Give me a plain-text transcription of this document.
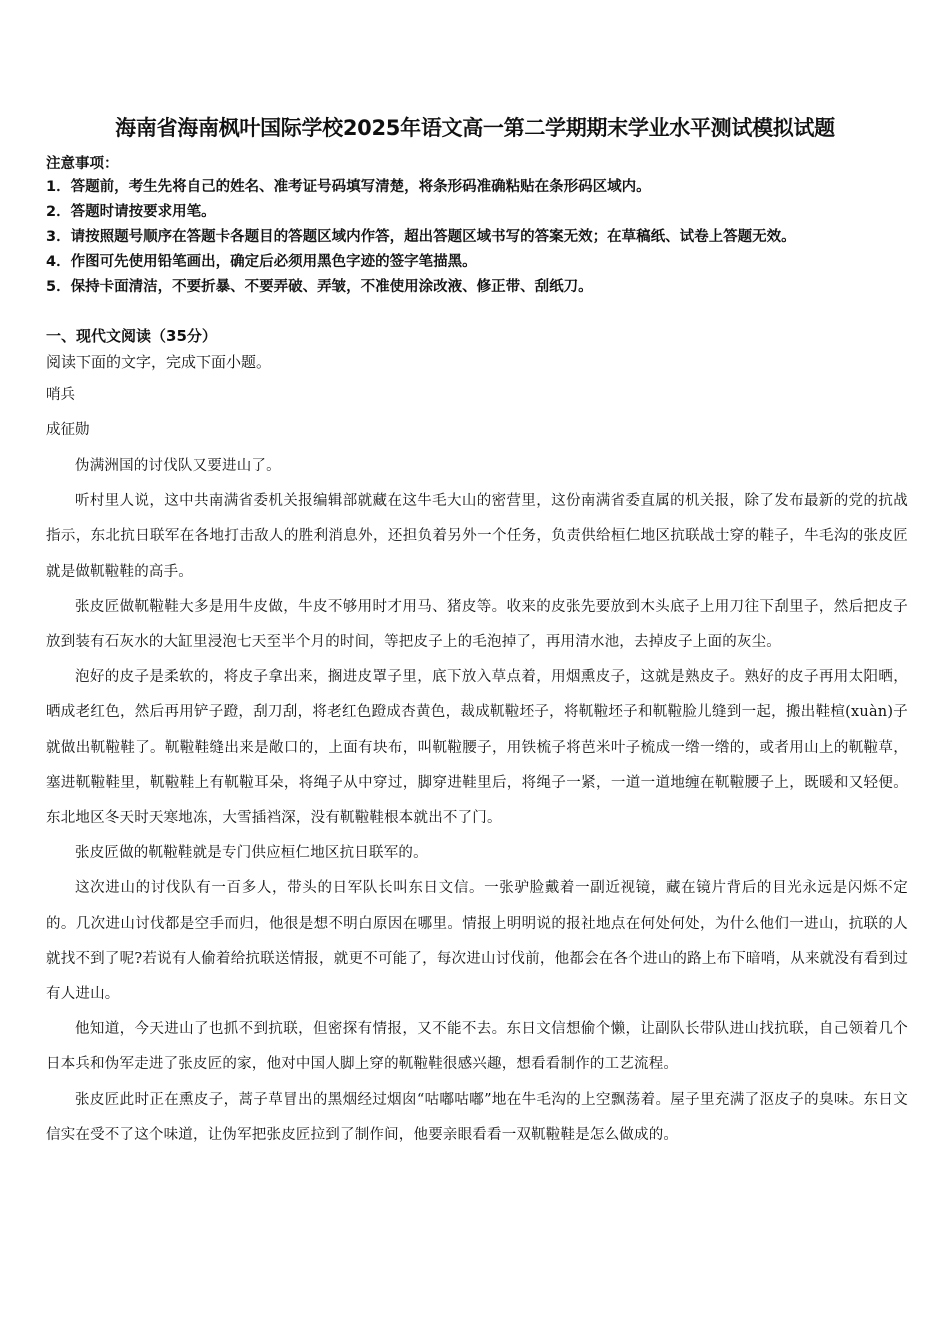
海南省海南枫叶国际学校2025年语文高一第二学期期末学业水平测试模拟试题
注意事项：
1．答题前，考生先将自己的姓名、准考证号码填写清楚，将条形码准确粘贴在条形码区域内。
2．答题时请按要求用笔。
3．请按照题号顺序在答题卡各题目的答题区域内作答，超出答题区域书写的答案无效；在草稿纸、试卷上答题无效。
4．作图可先使用铅笔画出，确定后必须用黑色字迹的签字笔描黑。
5．保持卡面清洁，不要折暴、不要弄破、弄皱，不准使用涂改液、修正带、刮纸刀。
一、现代文阅读（35分）
阅读下面的文字，完成下面小题。
哨兵
成征勋

伪满洲国的讨伐队又要进山了。

听村里人说，这中共南满省委机关报编辑部就藏在这牛毛大山的密营里，这份南满省委直属的机关报，除了发布最新的党的抗战指示，东北抗日联军在各地打击敌人的胜利消息外，还担负着另外一个任务，负责供给桓仁地区抗联战士穿的鞋子，牛毛沟的张皮匠就是做靰鞡鞋的高手。

张皮匠做靰鞡鞋大多是用牛皮做，牛皮不够用时才用马、猪皮等。收来的皮张先要放到木头底子上用刀往下刮里子，然后把皮子放到装有石灰水的大缸里浸泡七天至半个月的时间，等把皮子上的毛泡掉了，再用清水池，去掉皮子上面的灰尘。

泡好的皮子是柔软的，将皮子拿出来，搁进皮罩子里，底下放入草点着，用烟熏皮子，这就是熟皮子。熟好的皮子再用太阳晒，晒成老红色，然后再用铲子蹬，刮刀刮，将老红色蹬成杏黄色，裁成靰鞡坯子，将靰鞡坯子和靰鞡脸儿缝到一起，搬出鞋楦(xuàn)子就做出靰鞡鞋了。靰鞡鞋缝出来是敞口的，上面有块布，叫靰鞡腰子，用铁梳子将芭米叶子梳成一绺一绺的，或者用山上的靰鞡草，塞进靰鞡鞋里，靰鞡鞋上有靰鞡耳朵，将绳子从中穿过，脚穿进鞋里后，将绳子一紧，一道一道地缠在靰鞡腰子上，既暖和又轻便。东北地区冬天时天寒地冻，大雪插裆深，没有靰鞡鞋根本就出不了门。

张皮匠做的靰鞡鞋就是专门供应桓仁地区抗日联军的。

这次进山的讨伐队有一百多人，带头的日军队长叫东日文信。一张驴脸戴着一副近视镜，藏在镜片背后的目光永远是闪烁不定的。几次进山讨伐都是空手而归，他很是想不明白原因在哪里。情报上明明说的报社地点在何处何处，为什么他们一进山，抗联的人就找不到了呢?若说有人偷着给抗联送情报，就更不可能了，每次进山讨伐前，他都会在各个进山的路上布下暗哨，从来就没有看到过有人进山。

他知道，今天进山了也抓不到抗联，但密探有情报，又不能不去。东日文信想偷个懒，让副队长带队进山找抗联，自己领着几个日本兵和伪军走进了张皮匠的家，他对中国人脚上穿的靰鞡鞋很感兴趣，想看看制作的工艺流程。

张皮匠此时正在熏皮子，蒿子草冒出的黑烟经过烟囱“咕嘟咕嘟”地在牛毛沟的上空飘荡着。屋子里充满了沤皮子的臭味。东日文信实在受不了这个味道，让伪军把张皮匠拉到了制作间，他要亲眼看看一双靰鞡鞋是怎么做成的。
